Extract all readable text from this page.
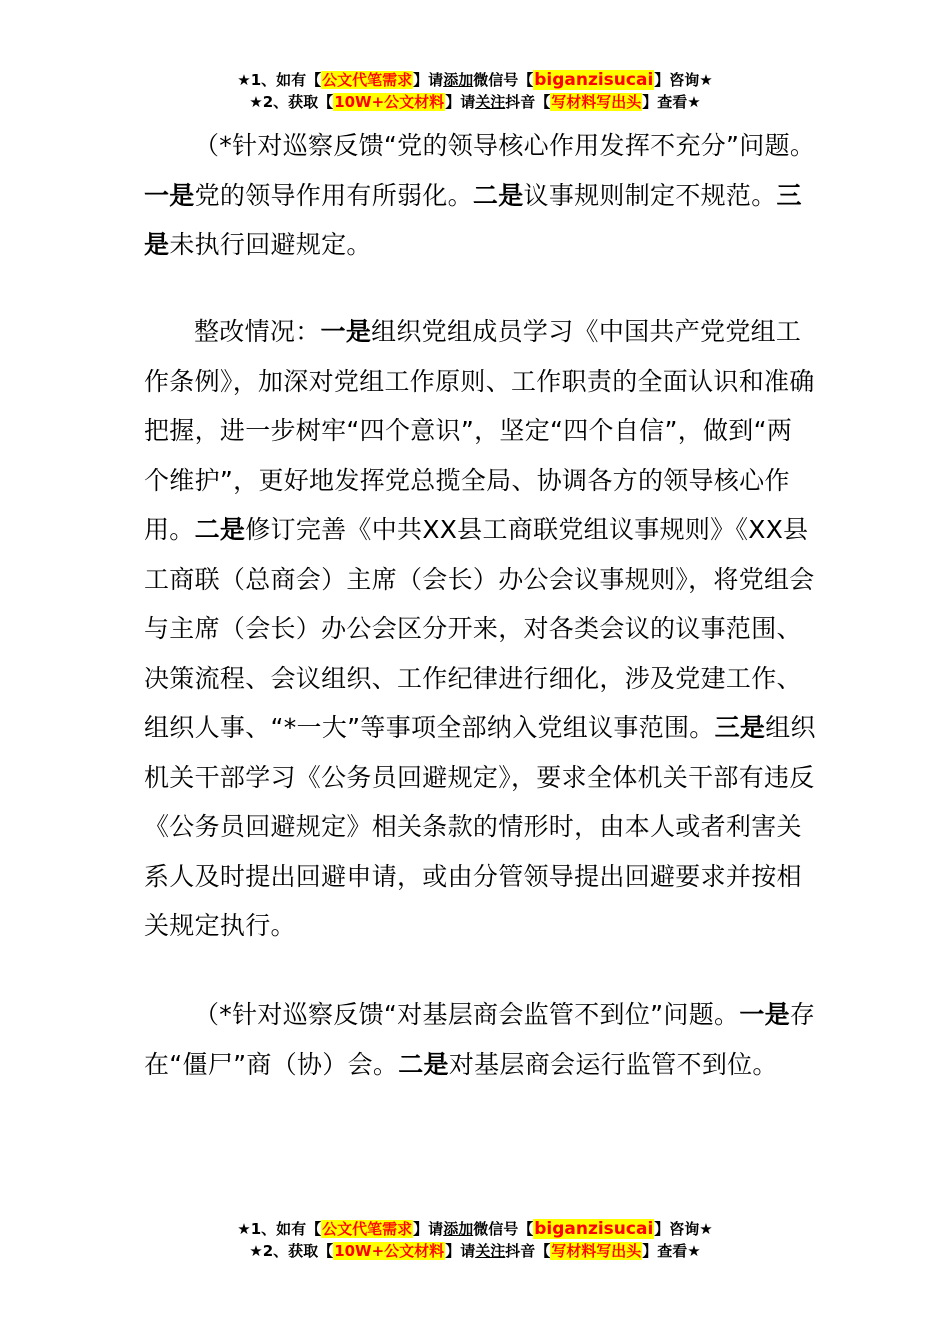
★1、如有【公文代笔需求】请添加微信号【biganzisucai】咨询★
★2、获取【10W+公文材料】请关注抖音【写材料写出头】查看★

（*针对巡察反馈“党的领导核心作用发挥不充分”问题。一是党的领导作用有所弱化。二是议事规则制定不规范。三是未执行回避规定。

整改情况：一是组织党组成员学习《中国共产党党组工作条例》，加深对党组工作原则、工作职责的全面认识和准确把握，进一步树牢“四个意识”，坚定“四个自信”，做到“两个维护”，更好地发挥党总揽全局、协调各方的领导核心作用。二是修订完善《中共XX县工商联党组议事规则》《XX县工商联（总商会）主席（会长）办公会议事规则》，将党组会与主席（会长）办公会区分开来，对各类会议的议事范围、决策流程、会议组织、工作纪律进行细化，涉及党建工作、组织人事、“*一大”等事项全部纳入党组议事范围。三是组织机关干部学习《公务员回避规定》，要求全体机关干部有违反《公务员回避规定》相关条款的情形时，由本人或者利害关系人及时提出回避申请，或由分管领导提出回避要求并按相关规定执行。

（*针对巡察反馈“对基层商会监管不到位”问题。一是存在“僵尸”商（协）会。二是对基层商会运行监管不到位。

★1、如有【公文代笔需求】请添加微信号【biganzisucai】咨询★
★2、获取【10W+公文材料】请关注抖音【写材料写出头】查看★
